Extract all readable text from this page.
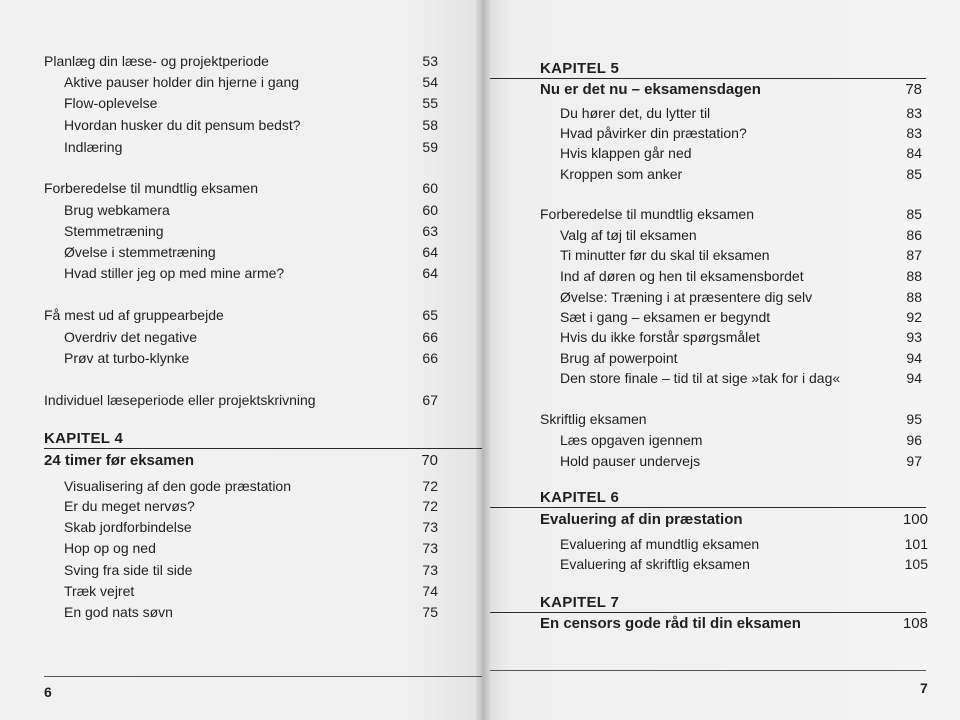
Planlæg din læse- og projektperiode	53
Aktive pauser holder din hjerne i gang	54
Flow-oplevelse	55
Hvordan husker du dit pensum bedst?	58
Indlæring	59
Forberedelse til mundtlig eksamen	60
Brug webkamera	60
Stemmetræning	63
Øvelse i stemmetræning	64
Hvad stiller jeg op med mine arme?	64
Få mest ud af gruppearbejde	65
Overdriv det negative	66
Prøv at turbo-klynke	66
Individuel læseperiode eller projektskrivning	67
KAPITEL 4
24 timer før eksamen	70
Visualisering af den gode præstation	72
Er du meget nervøs?	72
Skab jordforbindelse	73
Hop op og ned	73
Sving fra side til side	73
Træk vejret	74
En god nats søvn	75
6
KAPITEL 5
Nu er det nu – eksamensdagen	78
Du hører det, du lytter til	83
Hvad påvirker din præstation?	83
Hvis klappen går ned	84
Kroppen som anker	85
Forberedelse til mundtlig eksamen	85
Valg af tøj til eksamen	86
Ti minutter før du skal til eksamen	87
Ind af døren og hen til eksamensbordet	88
Øvelse: Træning i at præsentere dig selv	88
Sæt i gang – eksamen er begyndt	92
Hvis du ikke forstår spørgsmålet	93
Brug af powerpoint	94
Den store finale – tid til at sige »tak for i dag«	94
Skriftlig eksamen	95
Læs opgaven igennem	96
Hold pauser undervejs	97
KAPITEL 6
Evaluering af din præstation	100
Evaluering af mundtlig eksamen	101
Evaluering af skriftlig eksamen	105
KAPITEL 7
En censors gode råd til din eksamen	108
7
